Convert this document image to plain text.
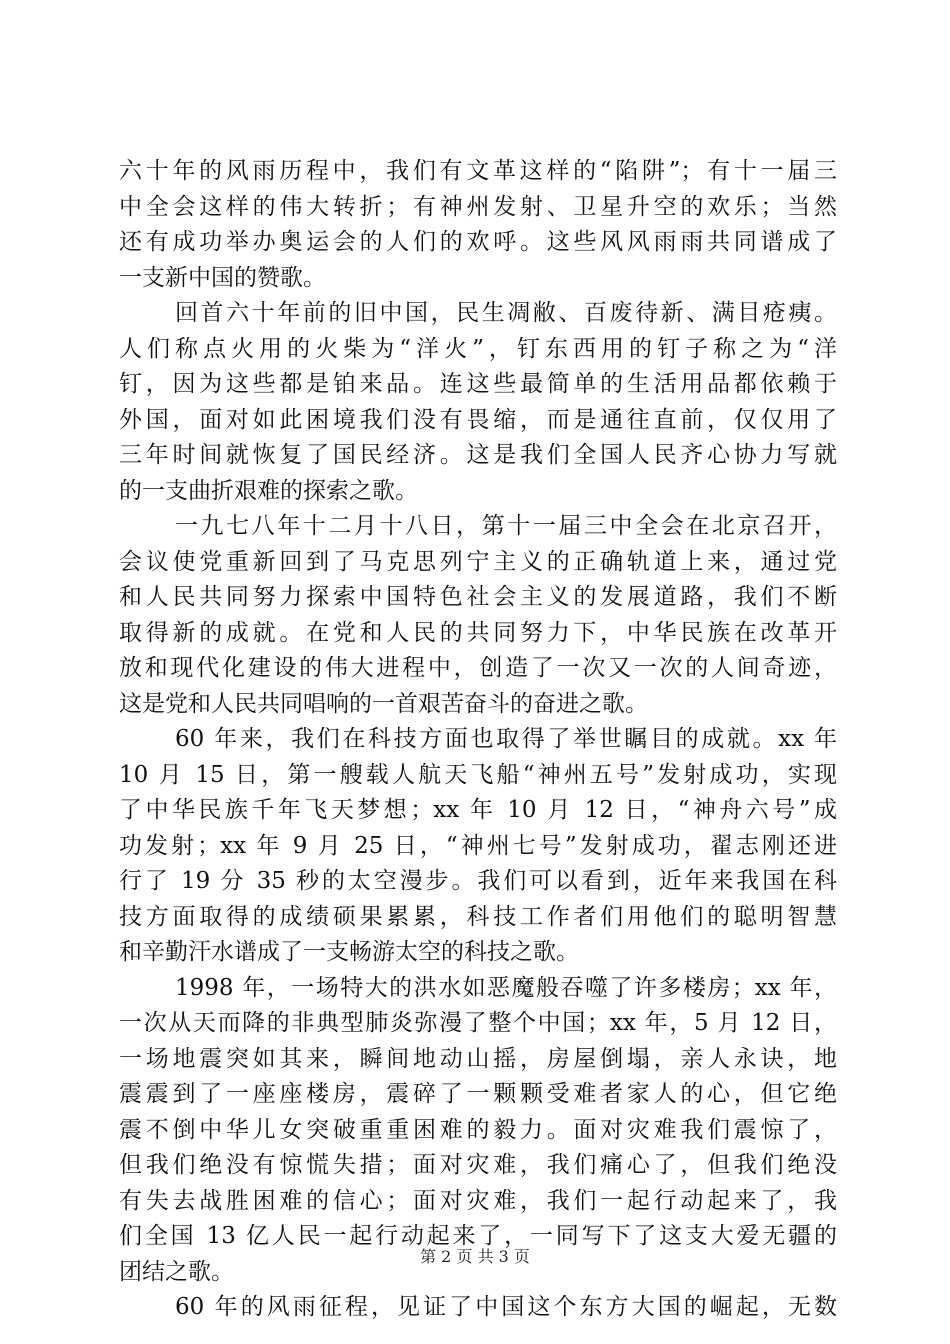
六十年的风雨历程中，我们有文革这样的“陷阱”；有十一届三
中全会这样的伟大转折；有神州发射、卫星升空的欢乐；当然
还有成功举办奥运会的人们的欢呼。这些风风雨雨共同谱成了
一支新中国的赞歌。
回首六十年前的旧中国，民生凋敝、百废待新、满目疮痍。
人们称点火用的火柴为“洋火”，钉东西用的钉子称之为“洋
钉，因为这些都是铂来品。连这些最简单的生活用品都依赖于
外国，面对如此困境我们没有畏缩，而是通往直前，仅仅用了
三年时间就恢复了国民经济。这是我们全国人民齐心协力写就
的一支曲折艰难的探索之歌。
一九七八年十二月十八日，第十一届三中全会在北京召开，
会议使党重新回到了马克思列宁主义的正确轨道上来，通过党
和人民共同努力探索中国特色社会主义的发展道路，我们不断
取得新的成就。在党和人民的共同努力下，中华民族在改革开
放和现代化建设的伟大进程中，创造了一次又一次的人间奇迹，
这是党和人民共同唱响的一首艰苦奋斗的奋进之歌。
60 年来，我们在科技方面也取得了举世瞩目的成就。xx 年
10 月 15 日，第一艘载人航天飞船“神州五号”发射成功，实现
了中华民族千年飞天梦想；xx 年 10 月 12 日，“神舟六号”成
功发射；xx 年 9 月 25 日，“神州七号”发射成功，翟志刚还进
行了 19 分 35 秒的太空漫步。我们可以看到，近年来我国在科
技方面取得的成绩硕果累累，科技工作者们用他们的聪明智慧
和辛勤汗水谱成了一支畅游太空的科技之歌。
1998 年，一场特大的洪水如恶魔般吞噬了许多楼房；xx 年，
一次从天而降的非典型肺炎弥漫了整个中国；xx 年，5 月 12 日，
一场地震突如其来，瞬间地动山摇，房屋倒塌，亲人永诀，地
震震到了一座座楼房，震碎了一颗颗受难者家人的心，但它绝
震不倒中华儿女突破重重困难的毅力。面对灾难我们震惊了，
但我们绝没有惊慌失措；面对灾难，我们痛心了，但我们绝没
有失去战胜困难的信心；面对灾难，我们一起行动起来了，我
们全国 13 亿人民一起行动起来了，一同写下了这支大爱无疆的
团结之歌。
60 年的风雨征程，见证了中国这个东方大国的崛起，无数
第 2 页 共 3 页
